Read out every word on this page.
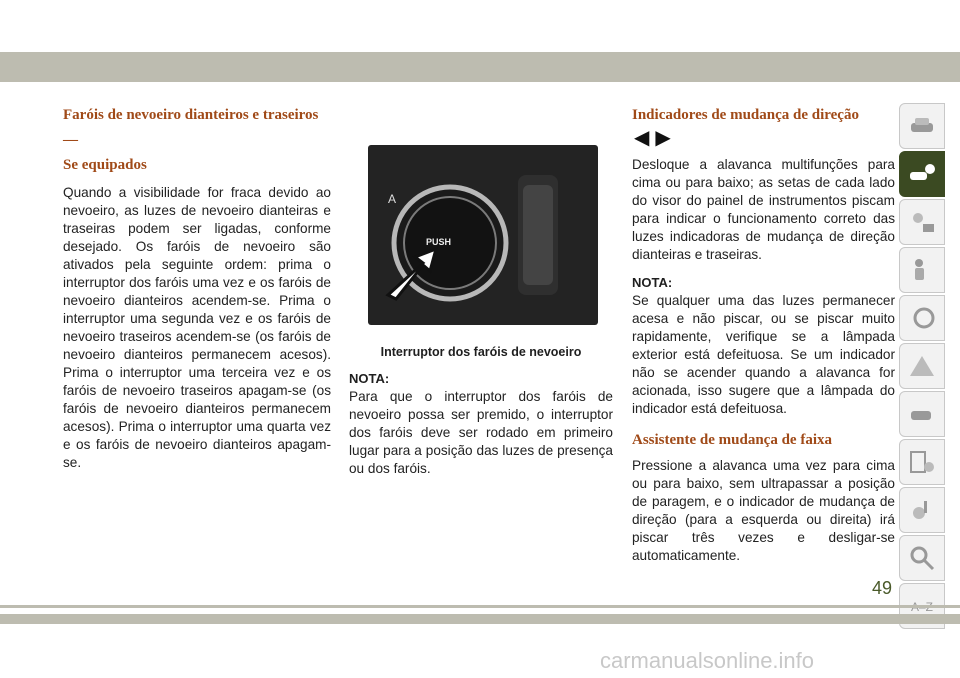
Faróis de nevoeiro dianteiros e traseiros —

Se equipados

Quando a visibilidade for fraca devido ao nevoeiro, as luzes de nevoeiro dianteiras e traseiras podem ser ligadas, conforme desejado. Os faróis de nevoeiro são ativados pela seguinte ordem: prima o interruptor dos faróis uma vez e os faróis de nevoeiro dianteiros acendem-se. Prima o interruptor uma segunda vez e os faróis de nevoeiro traseiros acendem-se (os faróis de nevoeiro dianteiros permanecem acesos). Prima o interruptor uma terceira vez e os faróis de nevoeiro traseiros apagam-se (os faróis de nevoeiro dianteiros permanecem acesos). Prima o interruptor uma quarta vez e os faróis de nevoeiro dianteiros apagam-se.

A
PUSH
Interruptor dos faróis de nevoeiro

NOTA:

Para que o interruptor dos faróis de nevoeiro possa ser premido, o interruptor dos faróis deve ser rodado em primeiro lugar para a posição das luzes de presença ou dos faróis.

Indicadores de mudança de direção

◀ ▶

Desloque a alavanca multifunções para cima ou para baixo; as setas de cada lado do visor do painel de instrumentos piscam para indicar o funcionamento correto das luzes indicadoras de mudança de direção dianteiras e traseiras.

NOTA:

Se qualquer uma das luzes permanecer acesa e não piscar, ou se piscar muito rapidamente, verifique se a lâmpada exterior está defeituosa. Se um indicador não se acender quando a alavanca for acionada, isso sugere que a lâmpada do indicador está defeituosa.

Assistente de mudança de faixa

Pressione a alavanca uma vez para cima ou para baixo, sem ultrapassar a posição de paragem, e o indicador de mudança de direção (para a esquerda ou direita) irá piscar três vezes e desligar-se automaticamente.

49
carmanualsonline.info
